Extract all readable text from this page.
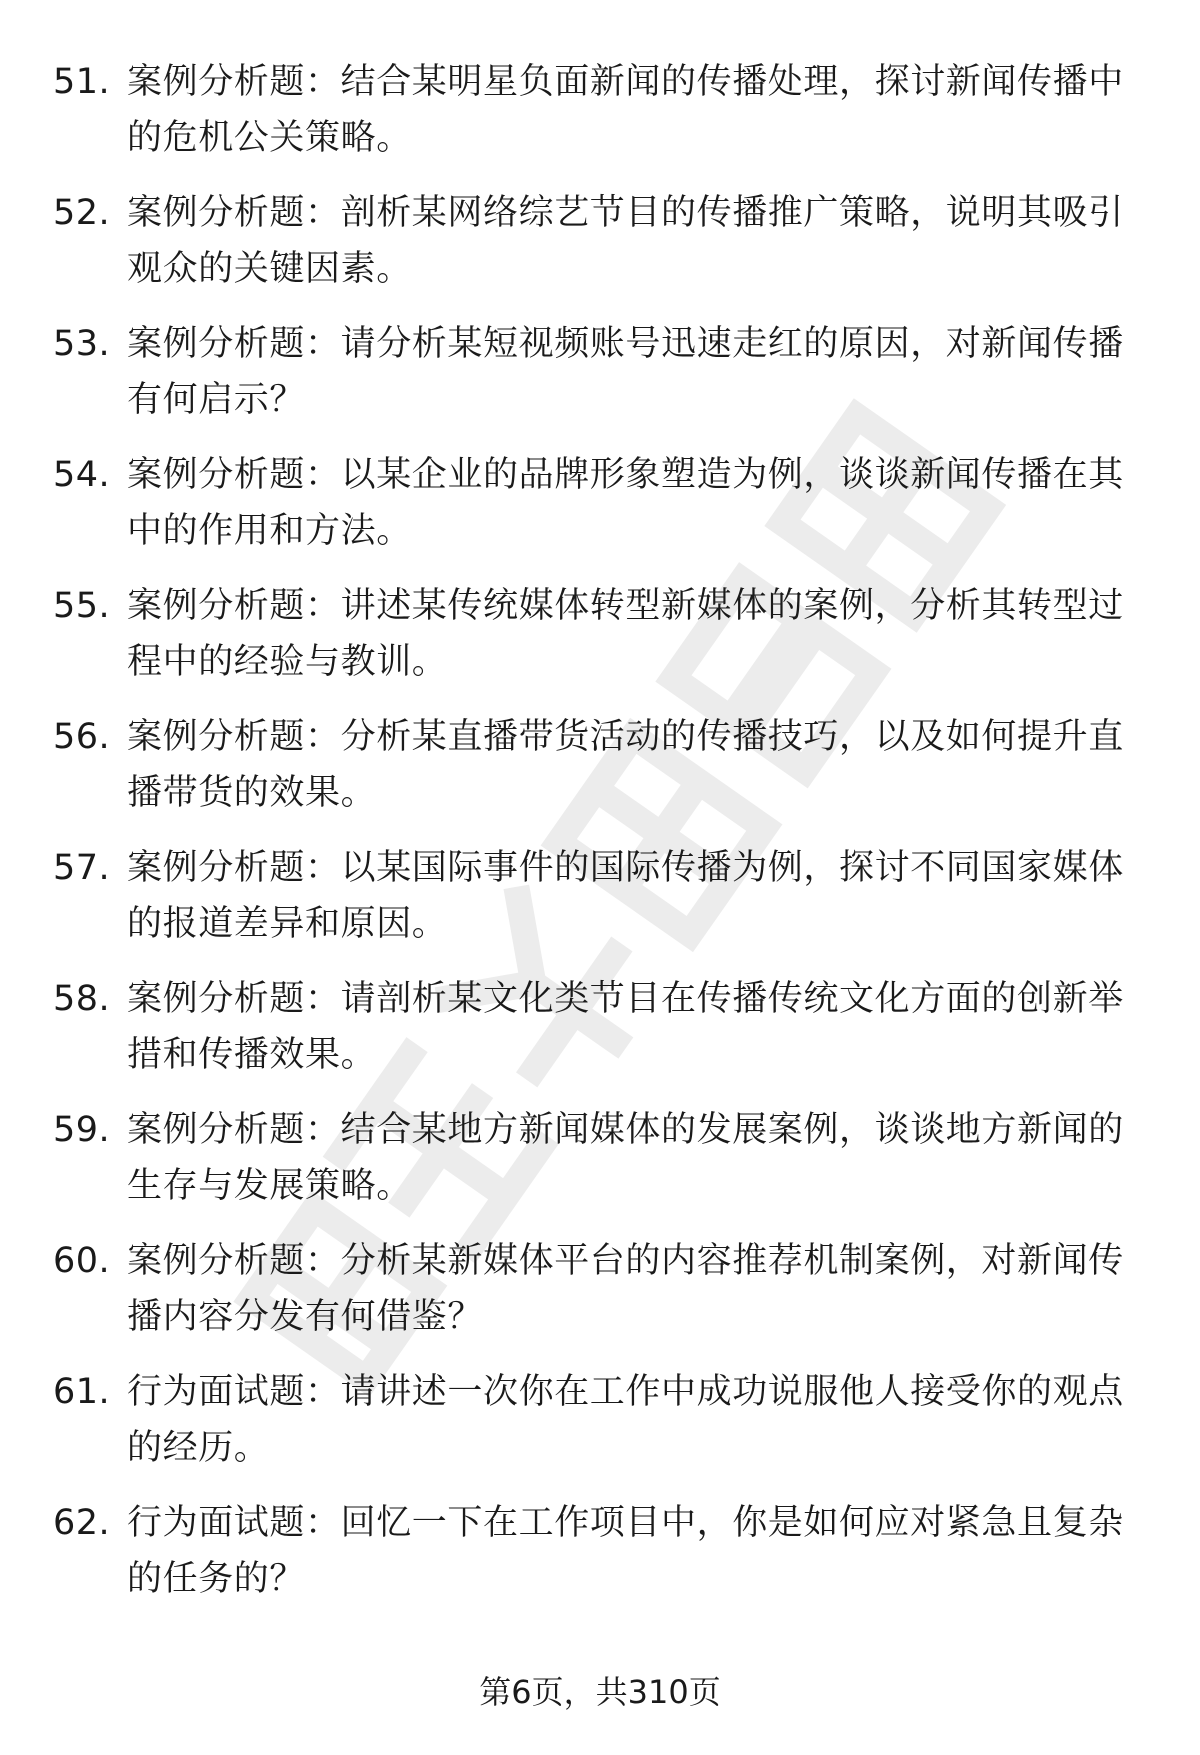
51. 案例分析题：结合某明星负面新闻的传播处理，探讨新闻传播中的危机公关策略。
52. 案例分析题：剖析某网络综艺节目的传播推广策略，说明其吸引观众的关键因素。
53. 案例分析题：请分析某短视频账号迅速走红的原因，对新闻传播有何启示？
54. 案例分析题：以某企业的品牌形象塑造为例，谈谈新闻传播在其中的作用和方法。
55. 案例分析题：讲述某传统媒体转型新媒体的案例，分析其转型过程中的经验与教训。
56. 案例分析题：分析某直播带货活动的传播技巧，以及如何提升直播带货的效果。
57. 案例分析题：以某国际事件的国际传播为例，探讨不同国家媒体的报道差异和原因。
58. 案例分析题：请剖析某文化类节目在传播传统文化方面的创新举措和传播效果。
59. 案例分析题：结合某地方新闻媒体的发展案例，谈谈地方新闻的生存与发展策略。
60. 案例分析题：分析某新媒体平台的内容推荐机制案例，对新闻传播内容分发有何借鉴？
61. 行为面试题：请讲述一次你在工作中成功说服他人接受你的观点的经历。
62. 行为面试题：回忆一下在工作项目中，你是如何应对紧急且复杂的任务的？
第6页，共310页
